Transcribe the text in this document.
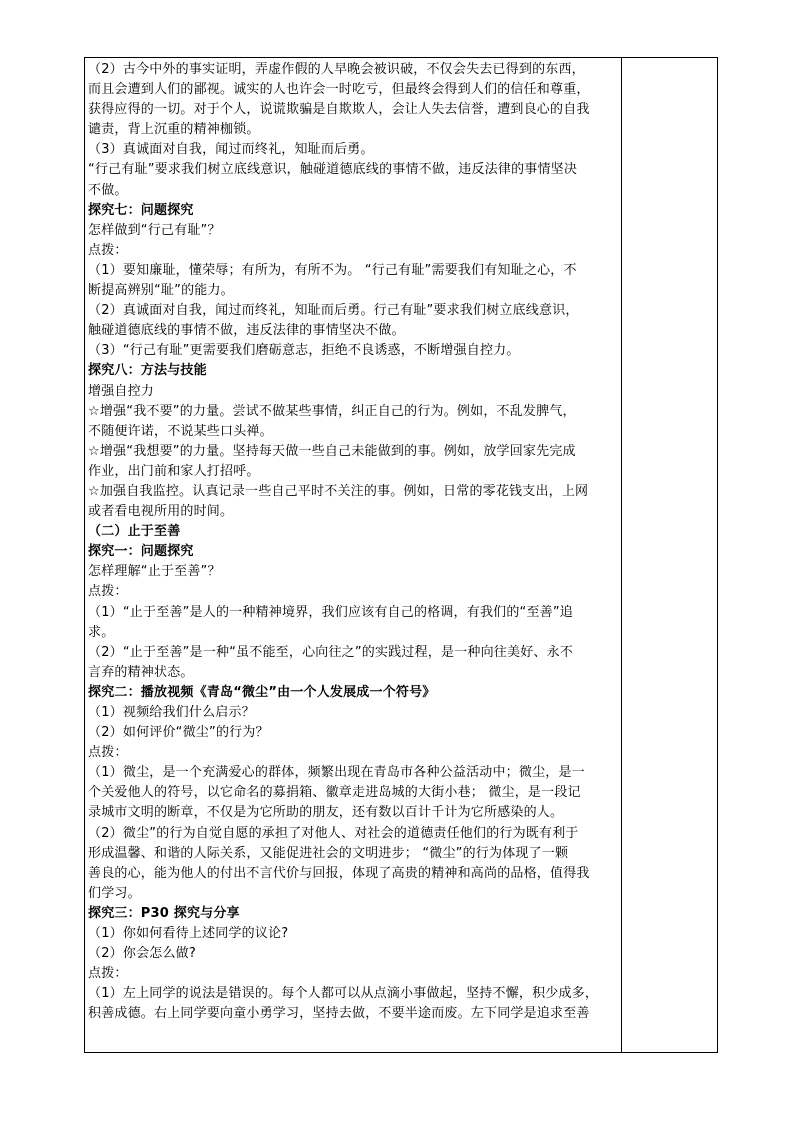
（2）古今中外的事实证明，弄虚作假的人早晚会被识破，不仅会失去已得到的东西，
而且会遭到人们的鄙视。诚实的人也许会一时吃亏，但最终会得到人们的信任和尊重，
获得应得的一切。对于个人，说谎欺骗是自欺欺人，会让人失去信誉，遭到良心的自我
谴责，背上沉重的精神枷锁。
（3）真诚面对自我，闻过而终礼，知耻而后勇。
“行己有耻”要求我们树立底线意识，触碰道德底线的事情不做，违反法律的事情坚决
不做。
探究七：问题探究
怎样做到“行己有耻”？
点拨：
（1）要知廉耻，懂荣辱；有所为，有所不为。 “行己有耻”需要我们有知耻之心，不
断提高辨别“耻”的能力。
（2）真诚面对自我，闻过而终礼，知耻而后勇。行己有耻”要求我们树立底线意识，
触碰道德底线的事情不做，违反法律的事情坚决不做。
（3）“行己有耻”更需要我们磨砺意志，拒绝不良诱惑，不断增强自控力。
探究八：方法与技能
增强自控力
☆增强“我不要”的力量。尝试不做某些事情，纠正自己的行为。例如，不乱发脾气，
不随便许诺，不说某些口头禅。
☆增强“我想要”的力量。坚持每天做一些自己未能做到的事。例如，放学回家先完成
作业，出门前和家人打招呼。
☆加强自我监控。认真记录一些自己平时不关注的事。例如，日常的零花钱支出，上网
或者看电视所用的时间。
（二）止于至善
探究一：问题探究
怎样理解“止于至善”？
点拨：
（1）“止于至善”是人的一种精神境界，我们应该有自己的格调，有我们的“至善”追
求。
（2）“止于至善”是一种“虽不能至，心向往之”的实践过程，是一种向往美好、永不
言弃的精神状态。
探究二：播放视频《青岛“微尘”由一个人发展成一个符号》
（1）视频给我们什么启示？
（2）如何评价“微尘”的行为？
点拨：
（1）微尘，是一个充满爱心的群体，频繁出现在青岛市各种公益活动中；微尘，是一
个关爱他人的符号，以它命名的募捐箱、徽章走进岛城的大街小巷； 微尘，是一段记
录城市文明的断章，不仅是为它所助的朋友，还有数以百计千计为它所感染的人。
（2）微尘”的行为自觉自愿的承担了对他人、对社会的道德责任他们的行为既有利于
形成温馨、和谐的人际关系，又能促进社会的文明进步； “微尘”的行为体现了一颗
善良的心，能为他人的付出不言代价与回报，体现了高贵的精神和高尚的品格，值得我
们学习。
探究三：P30 探究与分享
（1）你如何看待上述同学的议论?
（2）你会怎么做?
点拨：
（1）左上同学的说法是错误的。每个人都可以从点滴小事做起，坚持不懈，积少成多，
积善成德。右上同学要向童小勇学习，坚持去做，不要半途而废。左下同学是追求至善
